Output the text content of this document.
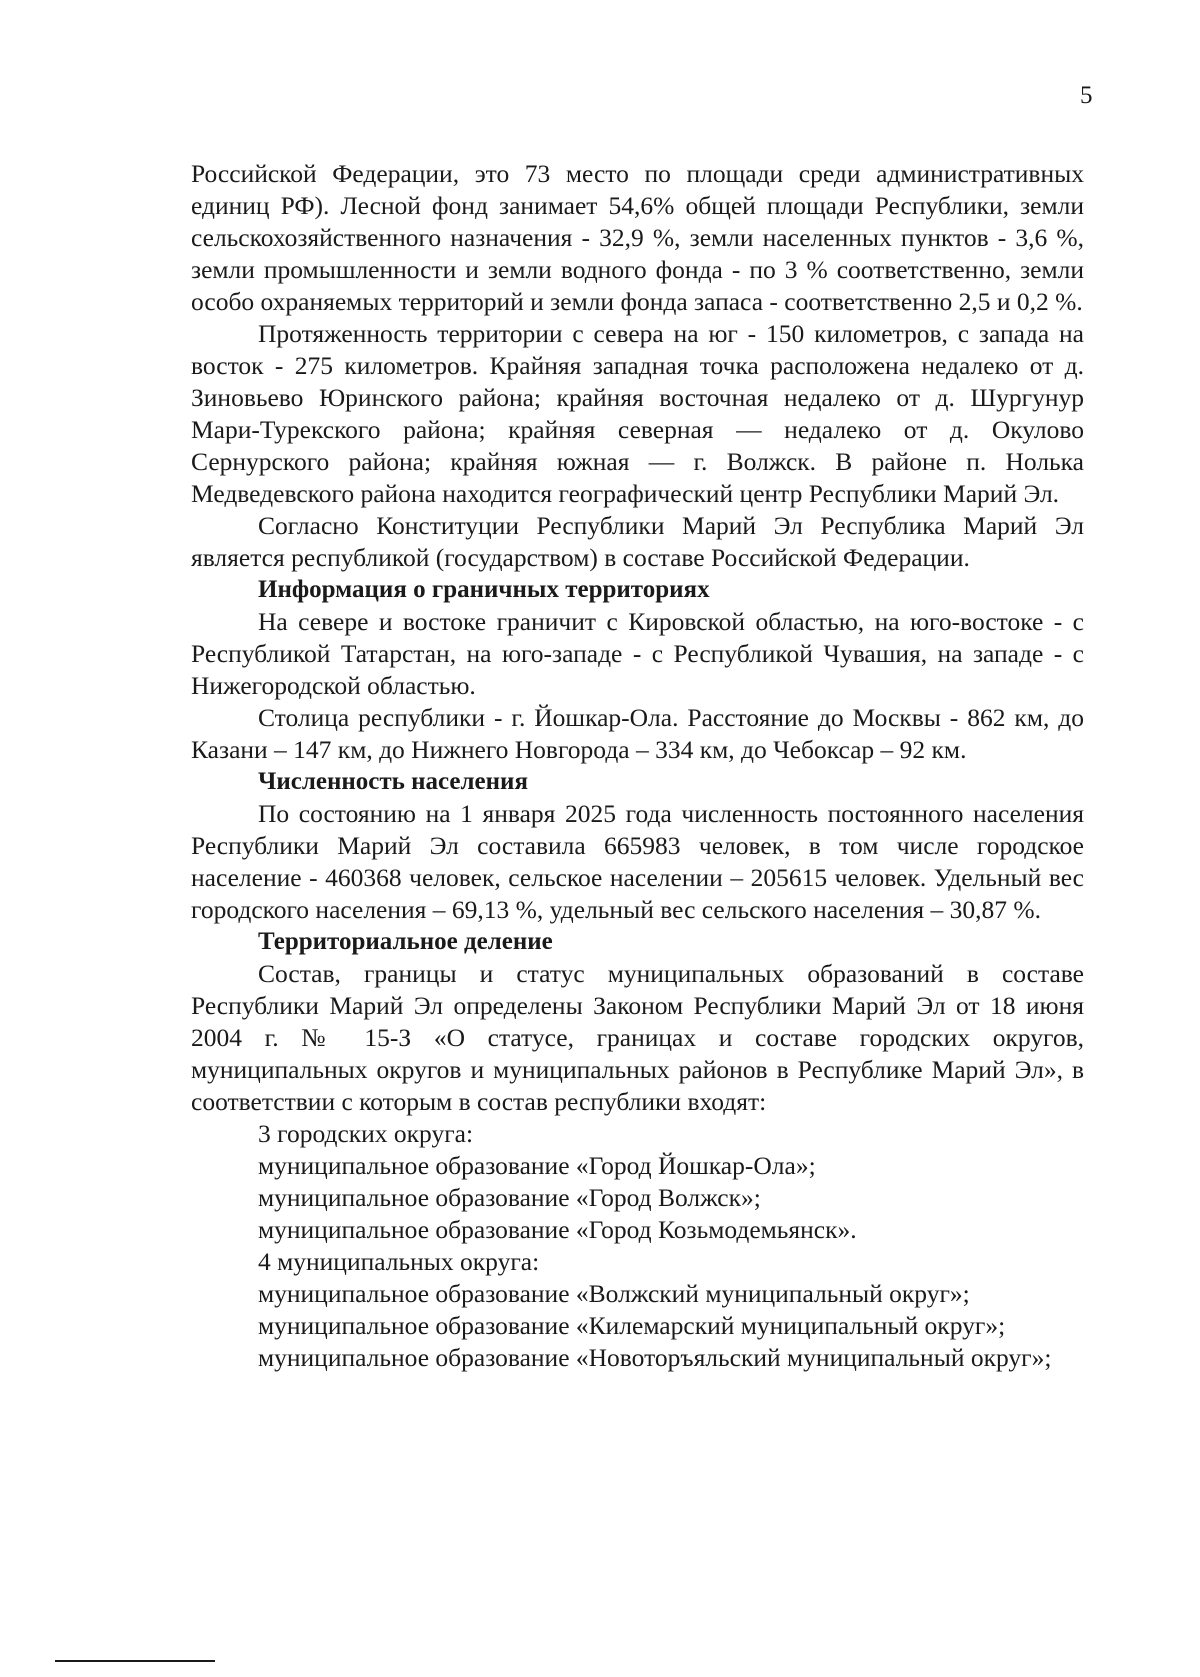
5

Российской Федерации, это 73 место по площади среди административных единиц РФ). Лесной фонд занимает 54,6% общей площади Республики, земли сельскохозяйственного назначения - 32,9 %, земли населенных пунктов - 3,6 %, земли промышленности и земли водного фонда - по 3 % соответственно, земли особо охраняемых территорий и земли фонда запаса - соответственно 2,5 и 0,2 %.

Протяженность территории с севера на юг - 150 километров, с запада на восток - 275 километров. Крайняя западная точка расположена недалеко от д. Зиновьево Юринского района; крайняя восточная недалеко от д. Шургунур Мари-Турекского района; крайняя северная — недалеко от д. Окулово Сернурского района; крайняя южная — г. Волжск. В районе п. Нолька Медведевского района находится географический центр Республики Марий Эл.

Согласно Конституции Республики Марий Эл Республика Марий Эл является республикой (государством) в составе Российской Федерации.

Информация о граничных территориях

На севере и востоке граничит с Кировской областью, на юго-востоке - с Республикой Татарстан, на юго-западе - с Республикой Чувашия, на западе - с Нижегородской областью.

Столица республики - г. Йошкар-Ола. Расстояние до Москвы - 862 км, до Казани – 147 км, до Нижнего Новгорода – 334 км, до Чебоксар – 92 км.

Численность населения

По состоянию на 1 января 2025 года численность постоянного населения Республики Марий Эл составила 665983 человек, в том числе городское население - 460368 человек, сельское населении – 205615 человек. Удельный вес городского населения – 69,13 %, удельный вес сельского населения – 30,87 %.

Территориальное деление

Состав, границы и статус муниципальных образований в составе Республики Марий Эл определены Законом Республики Марий Эл от 18 июня 2004 г. № 15-З «О статусе, границах и составе городских округов, муниципальных округов и муниципальных районов в Республике Марий Эл», в соответствии с которым в состав республики входят:

3 городских округа:
муниципальное образование «Город Йошкар-Ола»;
муниципальное образование «Город Волжск»;
муниципальное образование «Город Козьмодемьянск».
4 муниципальных округа:
муниципальное образование «Волжский муниципальный округ»;
муниципальное образование «Килемарский муниципальный округ»;

муниципальное образование «Новоторъяльский муниципальный округ»;
